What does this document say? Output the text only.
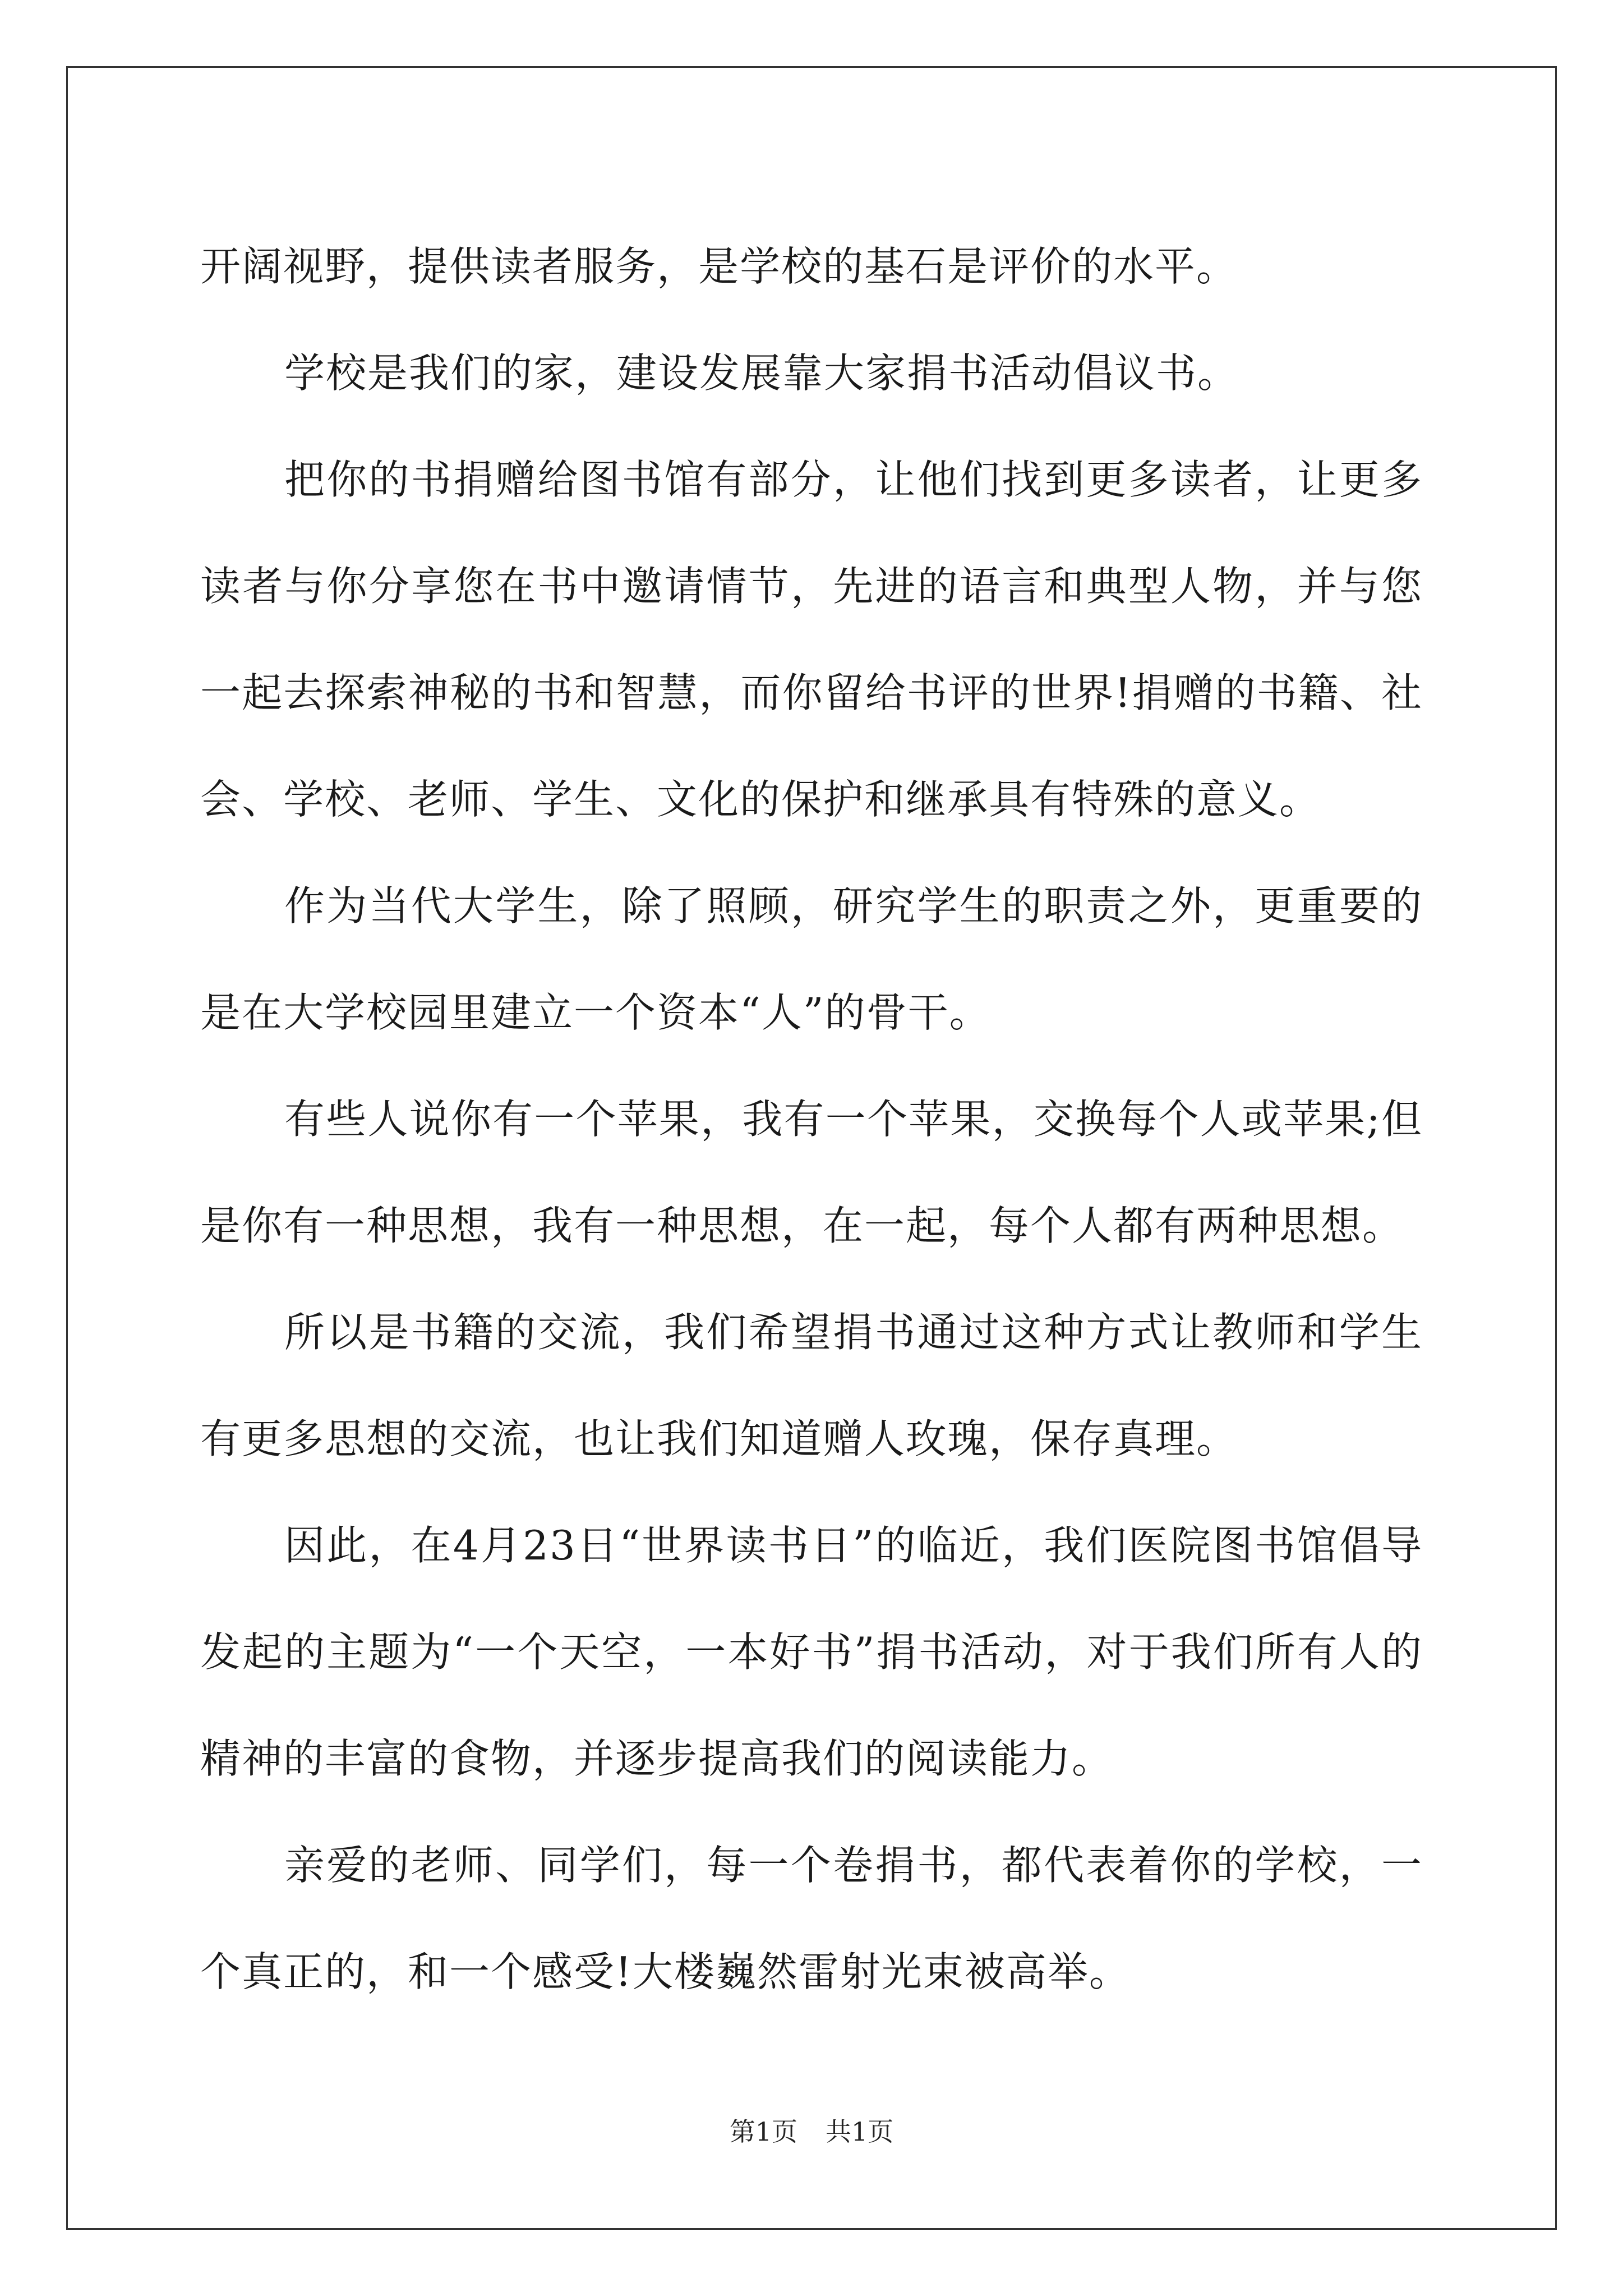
开阔视野，提供读者服务，是学校的基石是评价的水平。

学校是我们的家，建设发展靠大家捐书活动倡议书。

把你的书捐赠给图书馆有部分，让他们找到更多读者，让更多读者与你分享您在书中邀请情节，先进的语言和典型人物，并与您一起去探索神秘的书和智慧，而你留给书评的世界!捐赠的书籍、社会、学校、老师、学生、文化的保护和继承具有特殊的意义。

作为当代大学生，除了照顾，研究学生的职责之外，更重要的是在大学校园里建立一个资本“人”的骨干。

有些人说你有一个苹果，我有一个苹果，交换每个人或苹果;但是你有一种思想，我有一种思想，在一起，每个人都有两种思想。

所以是书籍的交流，我们希望捐书通过这种方式让教师和学生有更多思想的交流，也让我们知道赠人玫瑰，保存真理。

因此，在4月23日“世界读书日”的临近，我们医院图书馆倡导发起的主题为“一个天空，一本好书”捐书活动，对于我们所有人的精神的丰富的食物，并逐步提高我们的阅读能力。

亲爱的老师、同学们，每一个卷捐书，都代表着你的学校，一个真正的，和一个感受!大楼巍然雷射光束被高举。

第1页 共1页
